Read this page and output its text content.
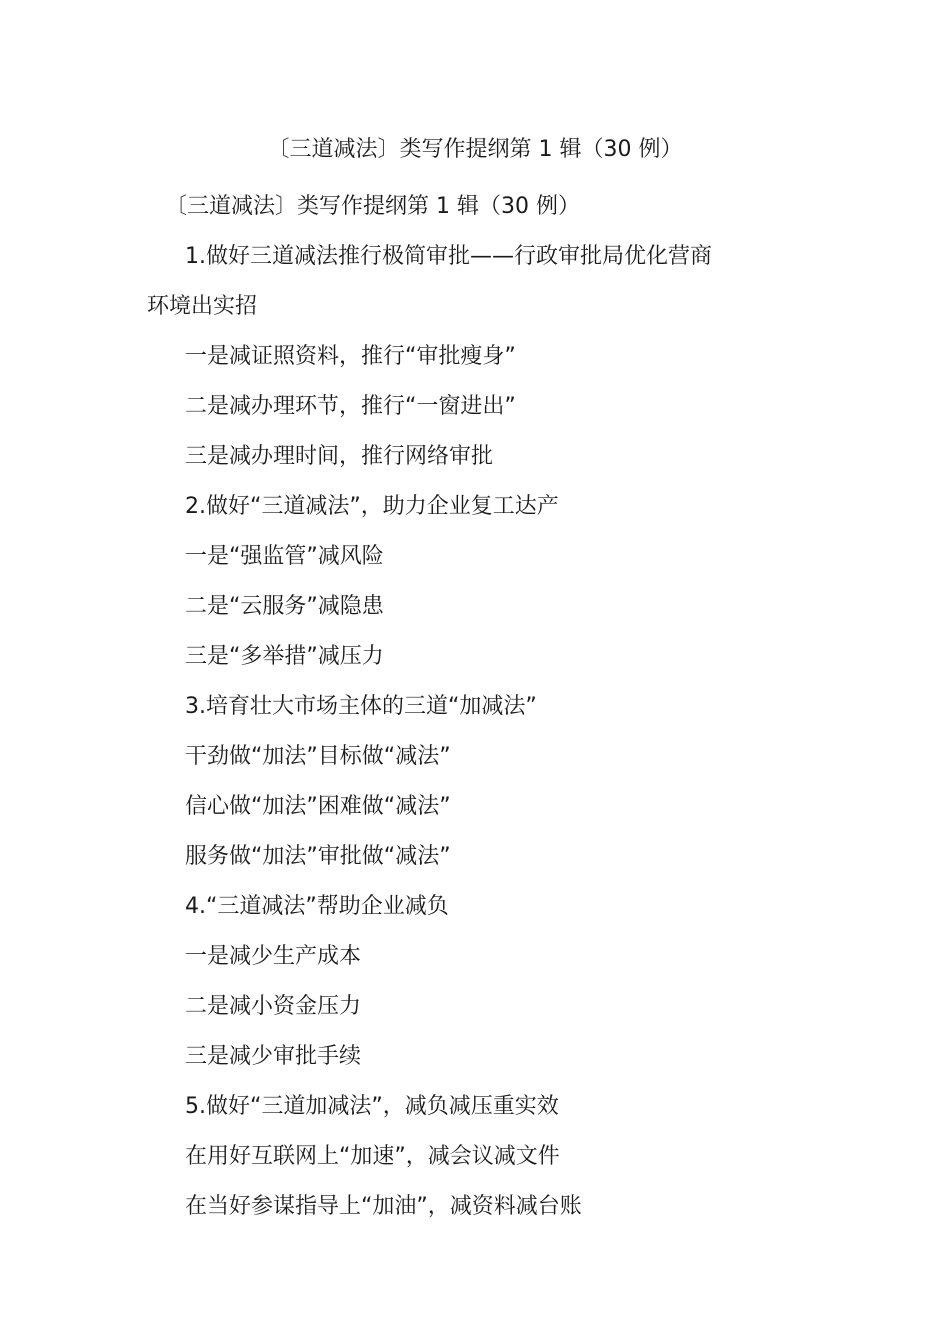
〔三道减法〕类写作提纲第 1 辑（30 例）
〔三道减法〕类写作提纲第 1 辑（30 例）
1.做好三道减法推行极简审批——行政审批局优化营商
环境出实招
一是减证照资料，推行“审批瘦身”
二是减办理环节，推行“一窗进出”
三是减办理时间，推行网络审批
2.做好“三道减法”，助力企业复工达产
一是“强监管”减风险
二是“云服务”减隐患
三是“多举措”减压力
3.培育壮大市场主体的三道“加减法”
干劲做“加法”目标做“减法”
信心做“加法”困难做“减法”
服务做“加法”审批做“减法”
4.“三道减法”帮助企业减负
一是减少生产成本
二是减小资金压力
三是减少审批手续
5.做好“三道加减法”，减负减压重实效
在用好互联网上“加速”，减会议减文件
在当好参谋指导上“加油”，减资料减台账
